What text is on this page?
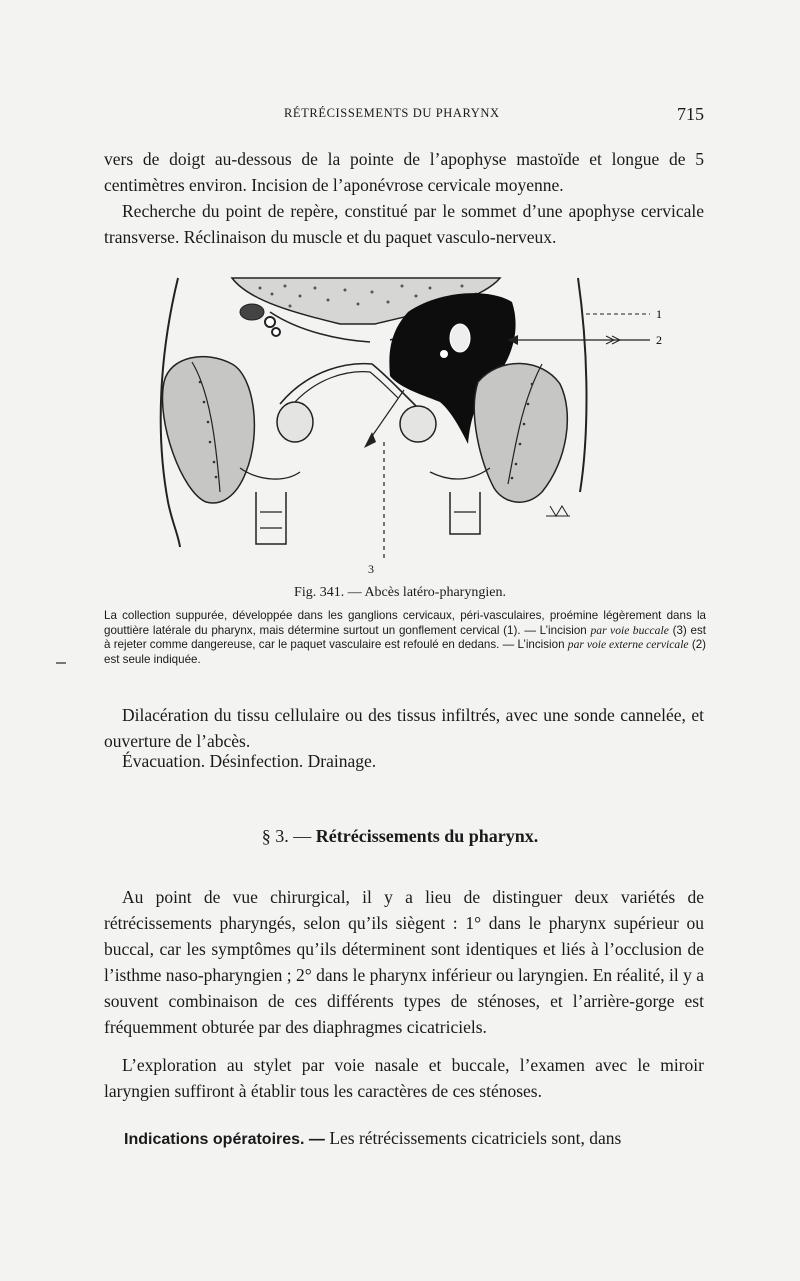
RÉTRÉCISSEMENTS DU PHARYNX	715

vers de doigt au-dessous de la pointe de l’apophyse mastoïde et longue de 5 centimètres environ. Incision de l’aponévrose cervicale moyenne.

Recherche du point de repère, constitué par le sommet d’une apophyse cervicale transverse. Réclinaison du muscle et du paquet vasculo-nerveux.

1
2
3
Fig. 341. — Abcès latéro-pharyngien.

La collection suppurée, développée dans les ganglions cervicaux, péri-vasculaires, proémine légèrement dans la gouttière latérale du pharynx, mais détermine surtout un gonflement cervical (1). — L’incision par voie buccale (3) est à rejeter comme dangereuse, car le paquet vasculaire est refoulé en dedans. — L’incision par voie externe cervicale (2) est seule indiquée.

Dilacération du tissu cellulaire ou des tissus infiltrés, avec une sonde cannelée, et ouverture de l’abcès.

Évacuation. Désinfection. Drainage.

§ 3. — Rétrécissements du pharynx.

Au point de vue chirurgical, il y a lieu de distinguer deux variétés de rétrécissements pharyngés, selon qu’ils siègent : 1° dans le pharynx supérieur ou buccal, car les symptômes qu’ils déterminent sont identiques et liés à l’occlusion de l’isthme naso-pharyngien ; 2° dans le pharynx inférieur ou laryngien. En réalité, il y a souvent combinaison de ces différents types de sténoses, et l’arrière-gorge est fréquemment obturée par des diaphragmes cicatriciels.

L’exploration au stylet par voie nasale et buccale, l’examen avec le miroir laryngien suffiront à établir tous les caractères de ces sténoses.

Indications opératoires. — Les rétrécissements cicatriciels sont, dans
